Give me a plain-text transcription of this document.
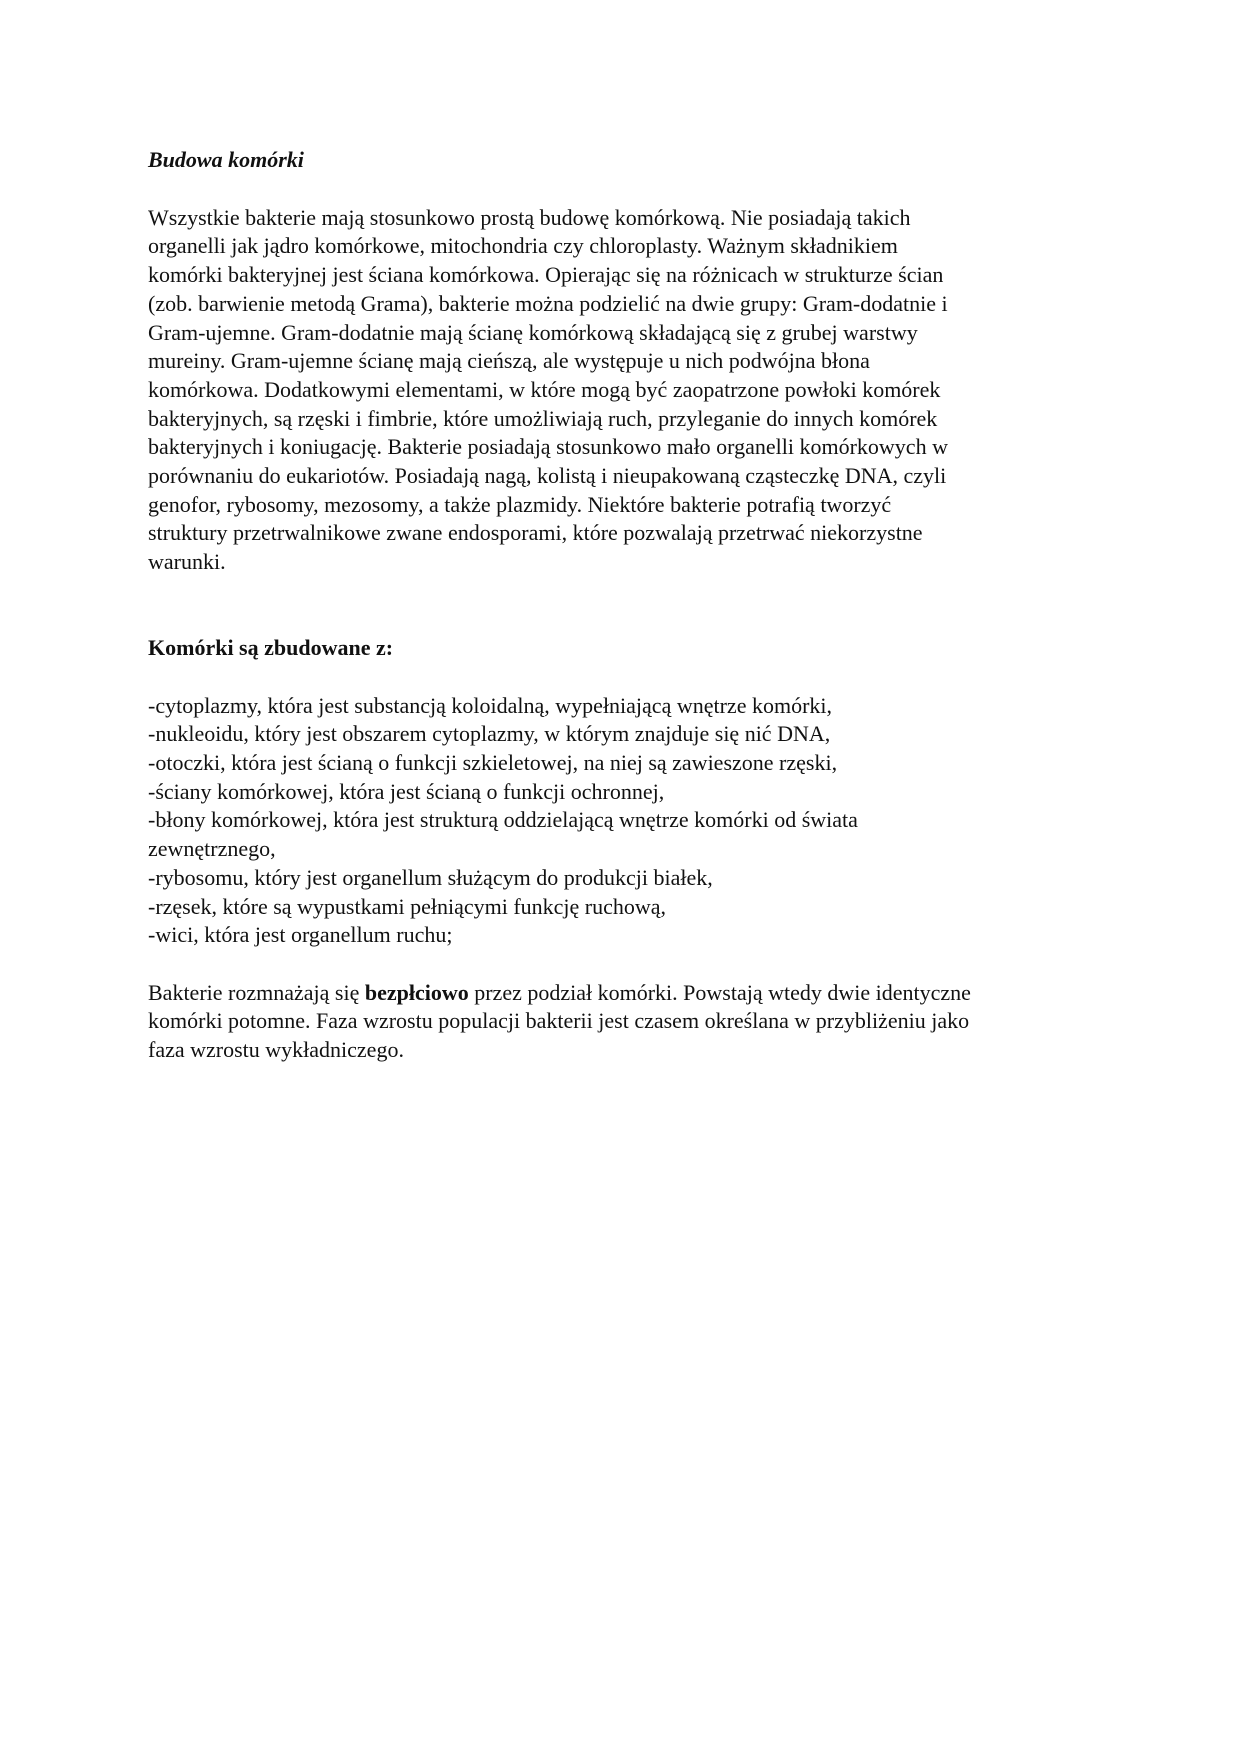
Budowa komórki

Wszystkie bakterie mają stosunkowo prostą budowę komórkową. Nie posiadają takich
organelli jak jądro komórkowe, mitochondria czy chloroplasty. Ważnym składnikiem
komórki bakteryjnej jest ściana komórkowa. Opierając się na różnicach w strukturze ścian
(zob. barwienie metodą Grama), bakterie można podzielić na dwie grupy: Gram-dodatnie i
Gram-ujemne. Gram-dodatnie mają ścianę komórkową składającą się z grubej warstwy
mureiny. Gram-ujemne ścianę mają cieńszą, ale występuje u nich podwójna błona
komórkowa. Dodatkowymi elementami, w które mogą być zaopatrzone powłoki komórek
bakteryjnych, są rzęski i fimbrie, które umożliwiają ruch, przyleganie do innych komórek
bakteryjnych i koniugację. Bakterie posiadają stosunkowo mało organelli komórkowych w
porównaniu do eukariotów. Posiadają nagą, kolistą i nieupakowaną cząsteczkę DNA, czyli
genofor, rybosomy, mezosomy, a także plazmidy. Niektóre bakterie potrafią tworzyć
struktury przetrwalnikowe zwane endosporami, które pozwalają przetrwać niekorzystne
warunki.

Komórki są zbudowane z:

-cytoplazmy, która jest substancją koloidalną, wypełniającą wnętrze komórki,
-nukleoidu, który jest obszarem cytoplazmy, w którym znajduje się nić DNA,
-otoczki, która jest ścianą o funkcji szkieletowej, na niej są zawieszone rzęski,
-ściany komórkowej, która jest ścianą o funkcji ochronnej,
-błony komórkowej, która jest strukturą oddzielającą wnętrze komórki od świata
zewnętrznego,
-rybosomu, który jest organellum służącym do produkcji białek,
-rzęsek, które są wypustkami pełniącymi funkcję ruchową,
-wici, która jest organellum ruchu;

Bakterie rozmnażają się bezpłciowo przez podział komórki. Powstają wtedy dwie identyczne
komórki potomne. Faza wzrostu populacji bakterii jest czasem określana w przybliżeniu jako
faza wzrostu wykładniczego.
